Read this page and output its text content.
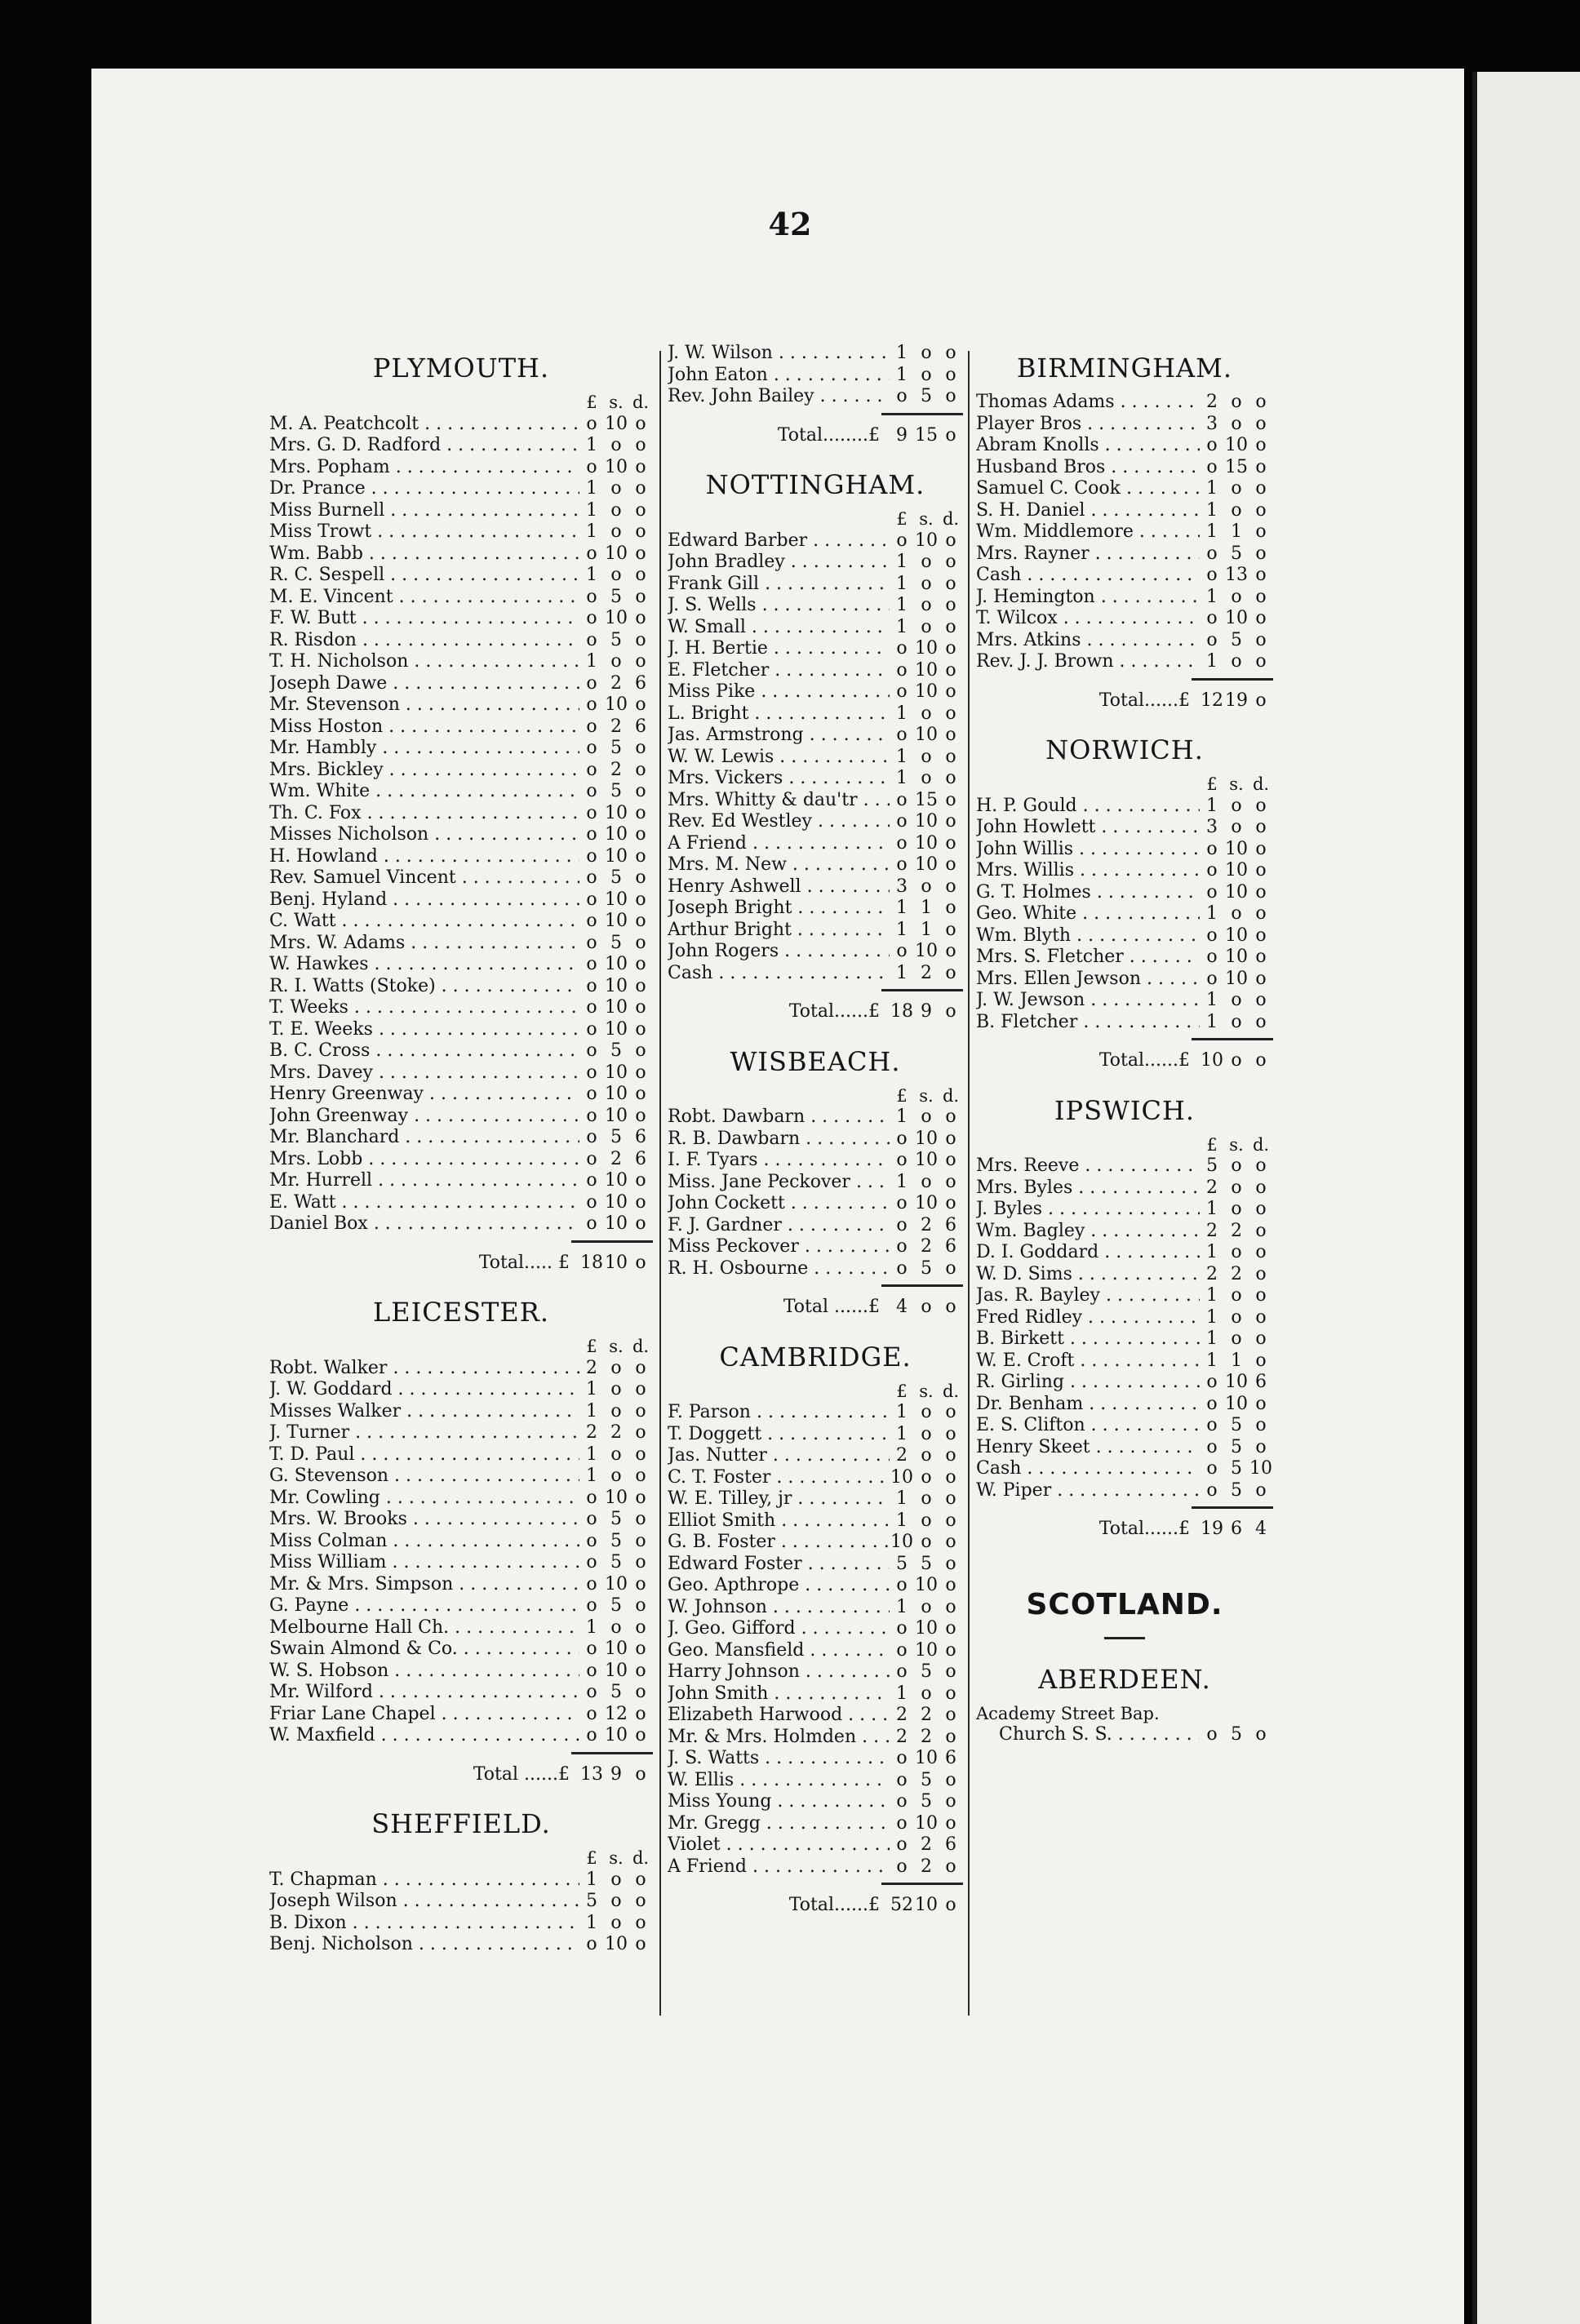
42
PLYMOUTH.
£ s. d.
M. A. Peatchcolt . . .	o 10 o
Mrs. G. D. Radford . . .	1 o o
Mrs. Popham . . .	o 10 o
Dr. Prance . . .	1 o o
Miss Burnell . . .	1 o o
Miss Trowt . . .	1 o o
Wm. Babb . . .	o 10 o
R. C. Sespell . . .	1 o o
M. E. Vincent . . .	o 5 o
F. W. Butt . . .	o 10 o
R. Risdon . . .	o 5 o
T. H. Nicholson . . .	1 o o
Joseph Dawe . . .	o 2 6
Mr. Stevenson . . .	o 10 o
Miss Hoston . . .	o 2 6
Mr. Hambly . . .	o 5 o
Mrs. Bickley . . .	o 2 o
Wm. White . . .	o 5 o
Th. C. Fox . . .	o 10 o
Misses Nicholson . . .	o 10 o
H. Howland . . .	o 10 o
Rev. Samuel Vincent . . .	o 5 o
Benj. Hyland . . .	o 10 o
C. Watt . . .	o 10 o
Mrs. W. Adams . . .	o 5 o
W. Hawkes . . .	o 10 o
R. I. Watts (Stoke) . . .	o 10 o
T. Weeks . . .	o 10 o
T. E. Weeks . . .	o 10 o
B. C. Cross . . .	o 5 o
Mrs. Davey . . .	o 10 o
Henry Greenway . . .	o 10 o
John Greenway . . .	o 10 o
Mr. Blanchard . . .	o 5 6
Mrs. Lobb . . .	o 2 6
Mr. Hurrell . . .	o 10 o
E. Watt . . .	o 10 o
Daniel Box . . .	o 10 o
Total..... £ 18 10 o
LEICESTER.
£ s. d.
Robt. Walker . . .	2 o o
J. W. Goddard . . .	1 o o
Misses Walker . . .	1 o o
J. Turner . . .	2 2 o
T. D. Paul . . .	1 o o
G. Stevenson . . .	1 o o
Mr. Cowling . . .	o 10 o
Mrs. W. Brooks . . .	o 5 o
Miss Colman . . .	o 5 o
Miss William . . .	o 5 o
Mr. & Mrs. Simpson . . .	o 10 o
G. Payne . . .	o 5 o
Melbourne Hall Ch. . . .	1 o o
Swain Almond & Co. . . .	o 10 o
W. S. Hobson . . .	o 10 o
Mr. Wilford . . .	o 5 o
Friar Lane Chapel . . .	o 12 o
W. Maxfield . . .	o 10 o
Total ......£ 13 9 o
SHEFFIELD.
£ s. d.
T. Chapman . . .	1 o o
Joseph Wilson . . .	5 o o
B. Dixon . . .	1 o o
Benj. Nicholson . . .	o 10 o
J. W. Wilson . . .	1 o o
John Eaton . . .	1 o o
Rev. John Bailey . . .	o 5 o
Total........£ 9 15 o
NOTTINGHAM.
£ s. d.
Edward Barber . . .	o 10 o
John Bradley . . .	1 o o
Frank Gill . . .	1 o o
J. S. Wells . . .	1 o o
W. Small . . .	1 o o
J. H. Bertie . . .	o 10 o
E. Fletcher . . .	o 10 o
Miss Pike . . .	o 10 o
L. Bright . . .	1 o o
Jas. Armstrong . . .	o 10 o
W. W. Lewis . . .	1 o o
Mrs. Vickers . . .	1 o o
Mrs. Whitty & dau'tr . . .	o 15 o
Rev. Ed Westley . . .	o 10 o
A Friend . . .	o 10 o
Mrs. M. New . . .	o 10 o
Henry Ashwell . . .	3 o o
Joseph Bright . . .	1 1 o
Arthur Bright . . .	1 1 o
John Rogers . . .	o 10 o
Cash . . .	1 2 o
Total......£ 18 9 o
WISBEACH.
£ s. d.
Robt. Dawbarn . . .	1 o o
R. B. Dawbarn . . .	o 10 o
I. F. Tyars . . .	o 10 o
Miss. Jane Peckover . . .	1 o o
John Cockett . . .	o 10 o
F. J. Gardner . . .	o 2 6
Miss Peckover . . .	o 2 6
R. H. Osbourne . . .	o 5 o
Total ......£ 4 o o
CAMBRIDGE.
£ s. d.
F. Parson . . .	1 o o
T. Doggett . . .	1 o o
Jas. Nutter . . .	2 o o
C. T. Foster . . .	10 o o
W. E. Tilley, jr . . .	1 o o
Elliot Smith . . .	1 o o
G. B. Foster . . .	10 o o
Edward Foster . . .	5 5 o
Geo. Apthrope . . .	o 10 o
W. Johnson . . .	1 o o
J. Geo. Gifford . . .	o 10 o
Geo. Mansfield . . .	o 10 o
Harry Johnson . . .	o 5 o
John Smith . . .	1 o o
Elizabeth Harwood . . .	2 2 o
Mr. & Mrs. Holmden . . .	2 2 o
J. S. Watts . . .	o 10 6
W. Ellis . . .	o 5 o
Miss Young . . .	o 5 o
Mr. Gregg . . .	o 10 o
Violet . . .	o 2 6
A Friend . . .	o 2 o
Total......£ 52 10 o
BIRMINGHAM.
Thomas Adams . . .	2 o o
Player Bros . . .	3 o o
Abram Knolls . . .	o 10 o
Husband Bros . . .	o 15 o
Samuel C. Cook . . .	1 o o
S. H. Daniel . . .	1 o o
Wm. Middlemore . . .	1 1 o
Mrs. Rayner . . .	o 5 o
Cash . . .	o 13 o
J. Hemington . . .	1 o o
T. Wilcox . . .	o 10 o
Mrs. Atkins . . .	o 5 o
Rev. J. J. Brown . . .	1 o o
Total......£ 12 19 o
NORWICH.
£ s. d.
H. P. Gould . . .	1 o o
John Howlett . . .	3 o o
John Willis . . .	o 10 o
Mrs. Willis . . .	o 10 o
G. T. Holmes . . .	o 10 o
Geo. White . . .	1 o o
Wm. Blyth . . .	o 10 o
Mrs. S. Fletcher . . .	o 10 o
Mrs. Ellen Jewson . . .	o 10 o
J. W. Jewson . . .	1 o o
B. Fletcher . . .	1 o o
Total......£ 10 o o
IPSWICH.
£ s. d.
Mrs. Reeve . . .	5 o o
Mrs. Byles . . .	2 o o
J. Byles . . .	1 o o
Wm. Bagley . . .	2 2 o
D. I. Goddard . . .	1 o o
W. D. Sims . . .	2 2 o
Jas. R. Bayley . . .	1 o o
Fred Ridley . . .	1 o o
B. Birkett . . .	1 o o
W. E. Croft . . .	1 1 o
R. Girling . . .	o 10 6
Dr. Benham . . .	o 10 o
E. S. Clifton . . .	o 5 o
Henry Skeet . . .	o 5 o
Cash . . .	o 5 10
W. Piper . . .	o 5 o
Total......£ 19 6 4
SCOTLAND.
ABERDEEN.
Academy Street Bap.
Church S. S. . . .	o 5 o
